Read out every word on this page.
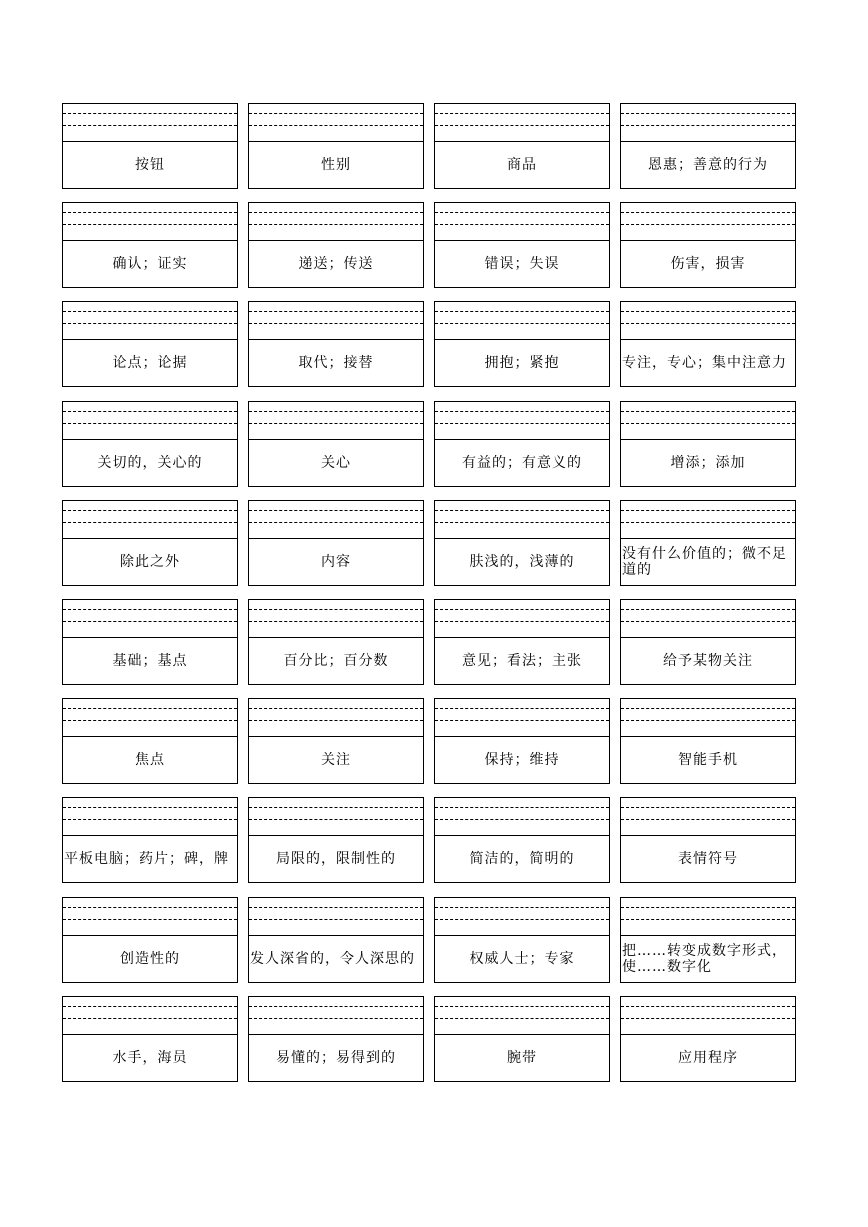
按钮	性别	商品	恩惠；善意的行为
确认；证实	递送；传送	错误；失误	伤害，损害
论点；论据	取代；接替	拥抱；紧抱	专注，专心；集中注意力
关切的，关心的	关心	有益的；有意义的	增添；添加
除此之外	内容	肤浅的，浅薄的	没有什么价值的；微不足道的
基础；基点	百分比；百分数	意见；看法；主张	给予某物关注
焦点	关注	保持；维持	智能手机
平板电脑；药片；碑，牌	局限的，限制性的	简洁的，简明的	表情符号
创造性的	发人深省的，令人深思的	权威人士；专家	把……转变成数字形式，使……数字化
水手，海员	易懂的；易得到的	腕带	应用程序
